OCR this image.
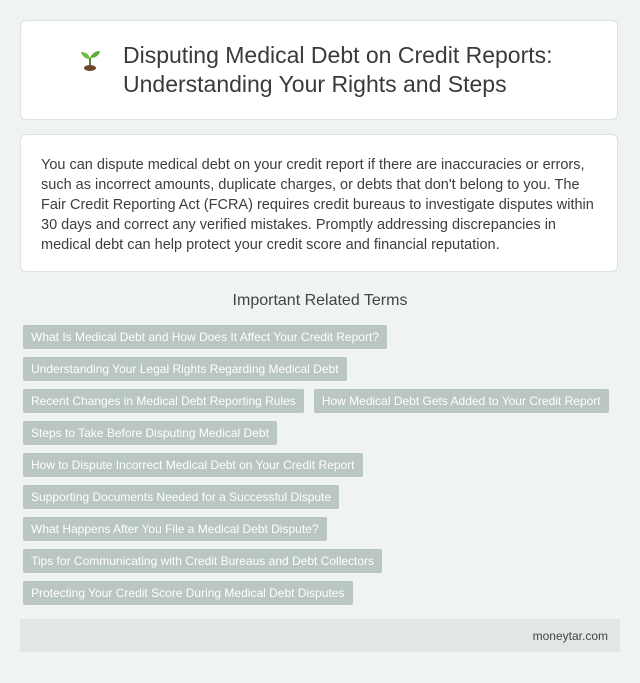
Disputing Medical Debt on Credit Reports: Understanding Your Rights and Steps

You can dispute medical debt on your credit report if there are inaccuracies or errors, such as incorrect amounts, duplicate charges, or debts that don't belong to you. The Fair Credit Reporting Act (FCRA) requires credit bureaus to investigate disputes within 30 days and correct any verified mistakes. Promptly addressing discrepancies in medical debt can help protect your credit score and financial reputation.

Important Related Terms
What Is Medical Debt and How Does It Affect Your Credit Report?
Understanding Your Legal Rights Regarding Medical Debt
Recent Changes in Medical Debt Reporting Rules	How Medical Debt Gets Added to Your Credit Report
Steps to Take Before Disputing Medical Debt
How to Dispute Incorrect Medical Debt on Your Credit Report
Supporting Documents Needed for a Successful Dispute
What Happens After You File a Medical Debt Dispute?
Tips for Communicating with Credit Bureaus and Debt Collectors
Protecting Your Credit Score During Medical Debt Disputes
moneytar.com
